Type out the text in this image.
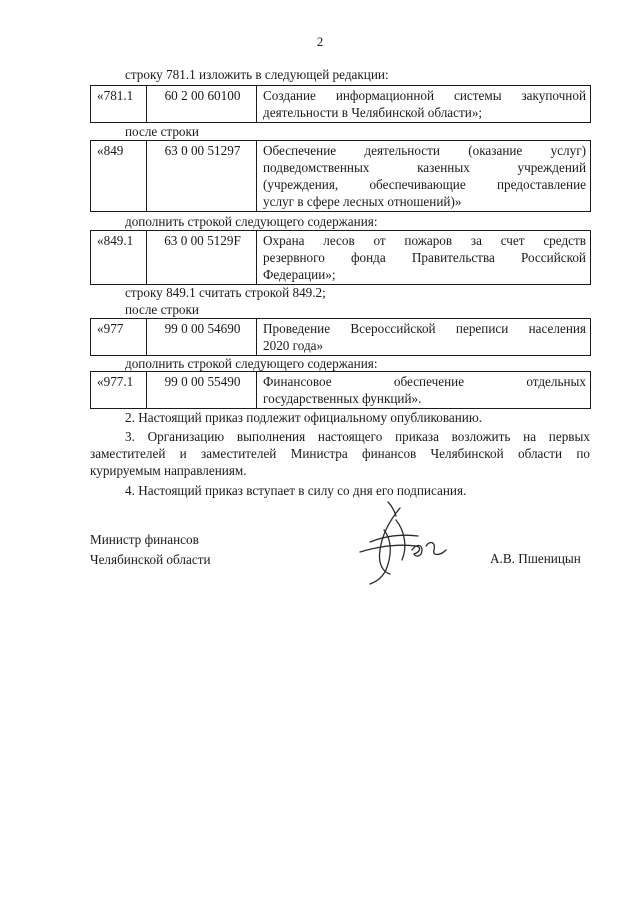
2
строку 781.1 изложить в следующей редакции:
«781.1	60 2 00 60100	Создание информационной системы закупочной
деятельности в Челябинской области»;
после строки
«849	63 0 00 51297	Обеспечение деятельности (оказание услуг)
подведомственных казенных учреждений
(учреждения, обеспечивающие предоставление
услуг в сфере лесных отношений)»
дополнить строкой следующего содержания:
«849.1	63 0 00 5129F	Охрана лесов от пожаров за счет средств
резервного фонда Правительства Российской
Федерации»;
строку 849.1 считать строкой 849.2;
после строки
«977	99 0 00 54690	Проведение Всероссийской переписи населения
2020 года»
дополнить строкой следующего содержания:
«977.1	99 0 00 55490	Финансовое обеспечение отдельных
государственных функций».
2. Настоящий приказ подлежит официальному опубликованию.
3. Организацию выполнения настоящего приказа возложить на первых
заместителей и заместителей Министра финансов Челябинской области по
курируемым направлениям.
4. Настоящий приказ вступает в силу со дня его подписания.
Министр финансов
Челябинской области	А.В. Пшеницын
